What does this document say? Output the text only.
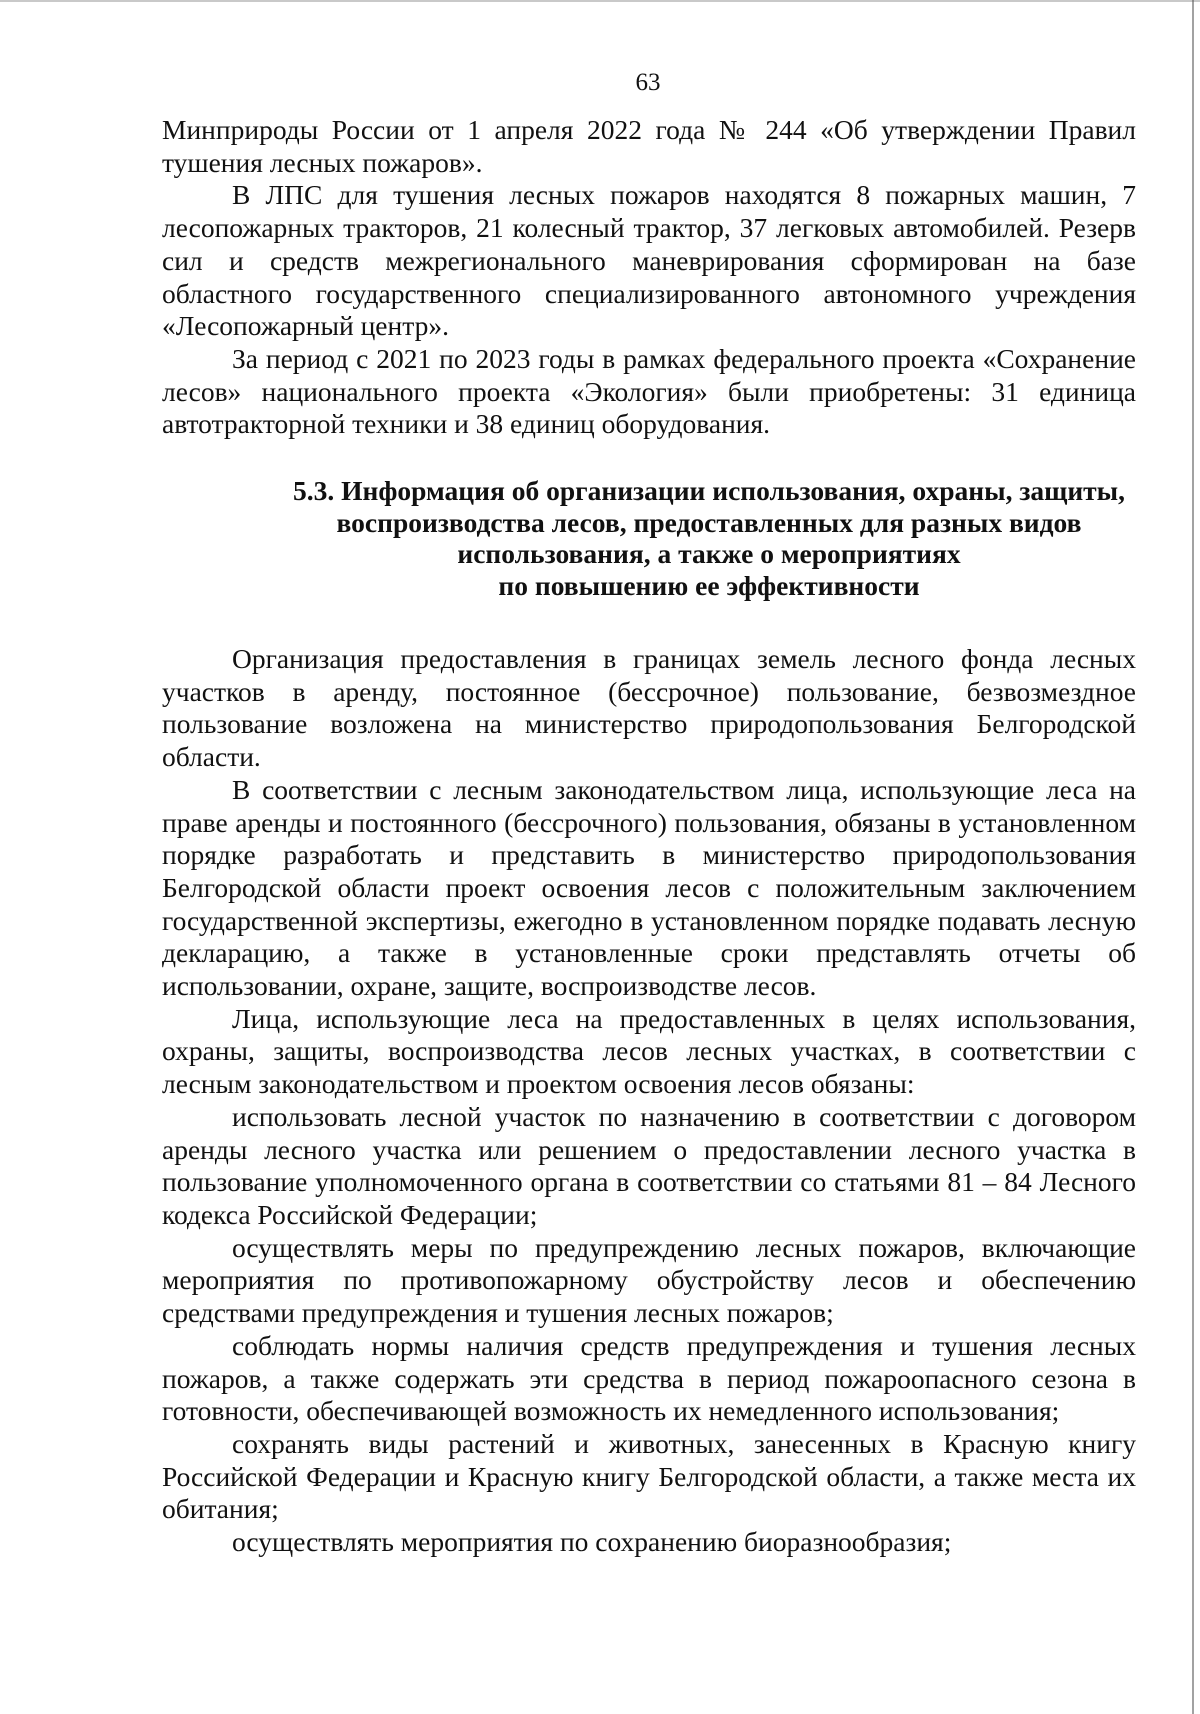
63

Минприроды России от 1 апреля 2022 года № 244 «Об утверждении Правил тушения лесных пожаров».

В ЛПС для тушения лесных пожаров находятся 8 пожарных машин, 7 лесопожарных тракторов, 21 колесный трактор, 37 легковых автомобилей. Резерв сил и средств межрегионального маневрирования сформирован на базе областного государственного специализированного автономного учреждения «Лесопожарный центр».

За период с 2021 по 2023 годы в рамках федерального проекта «Сохранение лесов» национального проекта «Экология» были приобретены: 31 единица автотракторной техники и 38 единиц оборудования.

5.3. Информация об организации использования, охраны, защиты,
воспроизводства лесов, предоставленных для разных видов
использования, а также о мероприятиях
по повышению ее эффективности

Организация предоставления в границах земель лесного фонда лесных участков в аренду, постоянное (бессрочное) пользование, безвозмездное пользование возложена на министерство природопользования Белгородской области.

В соответствии с лесным законодательством лица, использующие леса на праве аренды и постоянного (бессрочного) пользования, обязаны в установленном порядке разработать и представить в министерство природопользования Белгородской области проект освоения лесов с положительным заключением государственной экспертизы, ежегодно в установленном порядке подавать лесную декларацию, а также в установленные сроки представлять отчеты об использовании, охране, защите, воспроизводстве лесов.

Лица, использующие леса на предоставленных в целях использования, охраны, защиты, воспроизводства лесов лесных участках, в соответствии с лесным законодательством и проектом освоения лесов обязаны:

использовать лесной участок по назначению в соответствии с договором аренды лесного участка или решением о предоставлении лесного участка в пользование уполномоченного органа в соответствии со статьями 81 – 84 Лесного кодекса Российской Федерации;

осуществлять меры по предупреждению лесных пожаров, включающие мероприятия по противопожарному обустройству лесов и обеспечению средствами предупреждения и тушения лесных пожаров;

соблюдать нормы наличия средств предупреждения и тушения лесных пожаров, а также содержать эти средства в период пожароопасного сезона в готовности, обеспечивающей возможность их немедленного использования;

сохранять виды растений и животных, занесенных в Красную книгу Российской Федерации и Красную книгу Белгородской области, а также места их обитания;

осуществлять мероприятия по сохранению биоразнообразия;
